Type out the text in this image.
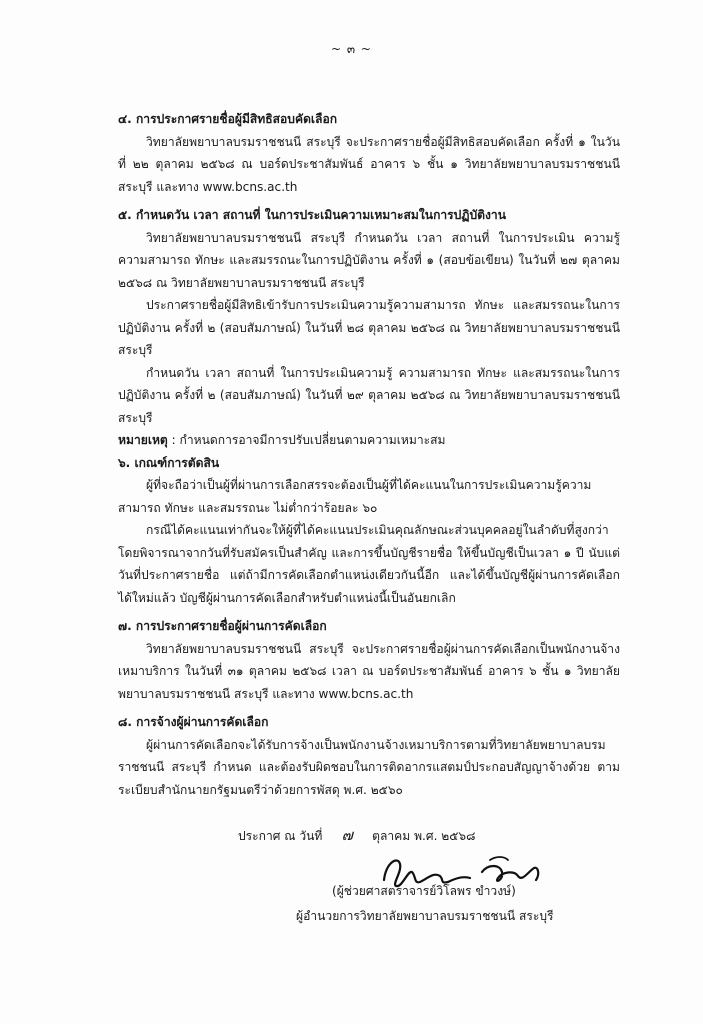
~ ๓ ~
๔. การประกาศรายชื่อผู้มีสิทธิสอบคัดเลือก

วิทยาลัยพยาบาลบรมราชชนนี สระบุรี จะประกาศรายชื่อผู้มีสิทธิสอบคัดเลือก ครั้งที่ ๑ ในวันที่ ๒๒ ตุลาคม ๒๕๖๘ ณ บอร์ดประชาสัมพันธ์ อาคาร ๖ ชั้น ๑ วิทยาลัยพยาบาลบรมราชชนนี สระบุรี และทาง www.bcns.ac.th

๕. กำหนดวัน เวลา สถานที่ ในการประเมินความเหมาะสมในการปฏิบัติงาน

วิทยาลัยพยาบาลบรมราชชนนี สระบุรี กำหนดวัน เวลา สถานที่ ในการประเมิน ความรู้ ความสามารถ ทักษะ และสมรรถนะในการปฏิบัติงาน ครั้งที่ ๑ (สอบข้อเขียน) ในวันที่ ๒๗ ตุลาคม ๒๕๖๘ ณ วิทยาลัยพยาบาลบรมราชชนนี สระบุรี

ประกาศรายชื่อผู้มีสิทธิเข้ารับการประเมินความรู้ความสามารถ ทักษะ และสมรรถนะในการปฏิบัติงาน ครั้งที่ ๒ (สอบสัมภาษณ์) ในวันที่ ๒๘ ตุลาคม ๒๕๖๘ ณ วิทยาลัยพยาบาลบรมราชชนนี สระบุรี

กำหนดวัน เวลา สถานที่ ในการประเมินความรู้ ความสามารถ ทักษะ และสมรรถนะในการปฏิบัติงาน ครั้งที่ ๒ (สอบสัมภาษณ์) ในวันที่ ๒๙ ตุลาคม ๒๕๖๘ ณ วิทยาลัยพยาบาลบรมราชชนนี สระบุรี

หมายเหตุ : กำหนดการอาจมีการปรับเปลี่ยนตามความเหมาะสม
๖. เกณฑ์การตัดสิน

ผู้ที่จะถือว่าเป็นผู้ที่ผ่านการเลือกสรรจะต้องเป็นผู้ที่ได้คะแนนในการประเมินความรู้ความสามารถ ทักษะ และสมรรถนะ ไม่ต่ำกว่าร้อยละ ๖๐

กรณีได้คะแนนเท่ากันจะให้ผู้ที่ได้คะแนนประเมินคุณลักษณะส่วนบุคคลอยู่ในลำดับที่สูงกว่า โดยพิจารณาจากวันที่รับสมัครเป็นสำคัญ และการขึ้นบัญชีรายชื่อ ให้ขึ้นบัญชีเป็นเวลา ๑ ปี นับแต่วันที่ประกาศรายชื่อ แต่ถ้ามีการคัดเลือกตำแหน่งเดียวกันนี้อีก และได้ขึ้นบัญชีผู้ผ่านการคัดเลือกได้ใหม่แล้ว บัญชีผู้ผ่านการคัดเลือกสำหรับตำแหน่งนี้เป็นอันยกเลิก

๗. การประกาศรายชื่อผู้ผ่านการคัดเลือก

วิทยาลัยพยาบาลบรมราชชนนี สระบุรี จะประกาศรายชื่อผู้ผ่านการคัดเลือกเป็นพนักงานจ้างเหมาบริการ ในวันที่ ๓๑ ตุลาคม ๒๕๖๘ เวลา ณ บอร์ดประชาสัมพันธ์ อาคาร ๖ ชั้น ๑ วิทยาลัยพยาบาลบรมราชชนนี สระบุรี และทาง www.bcns.ac.th

๘. การจ้างผู้ผ่านการคัดเลือก

ผู้ผ่านการคัดเลือกจะได้รับการจ้างเป็นพนักงานจ้างเหมาบริการตามที่วิทยาลัยพยาบาลบรมราชชนนี สระบุรี กำหนด และต้องรับผิดชอบในการติดอากรแสตมป์ประกอบสัญญาจ้างด้วย ตามระเบียบสำนักนายกรัฐมนตรีว่าด้วยการพัสดุ พ.ศ. ๒๕๖๐

ประกาศ ณ วันที่ ๗ ตุลาคม พ.ศ. ๒๕๖๘
(ผู้ช่วยศาสตราจารย์วิโลพร ขำวงษ์)
ผู้อำนวยการวิทยาลัยพยาบาลบรมราชชนนี สระบุรี
